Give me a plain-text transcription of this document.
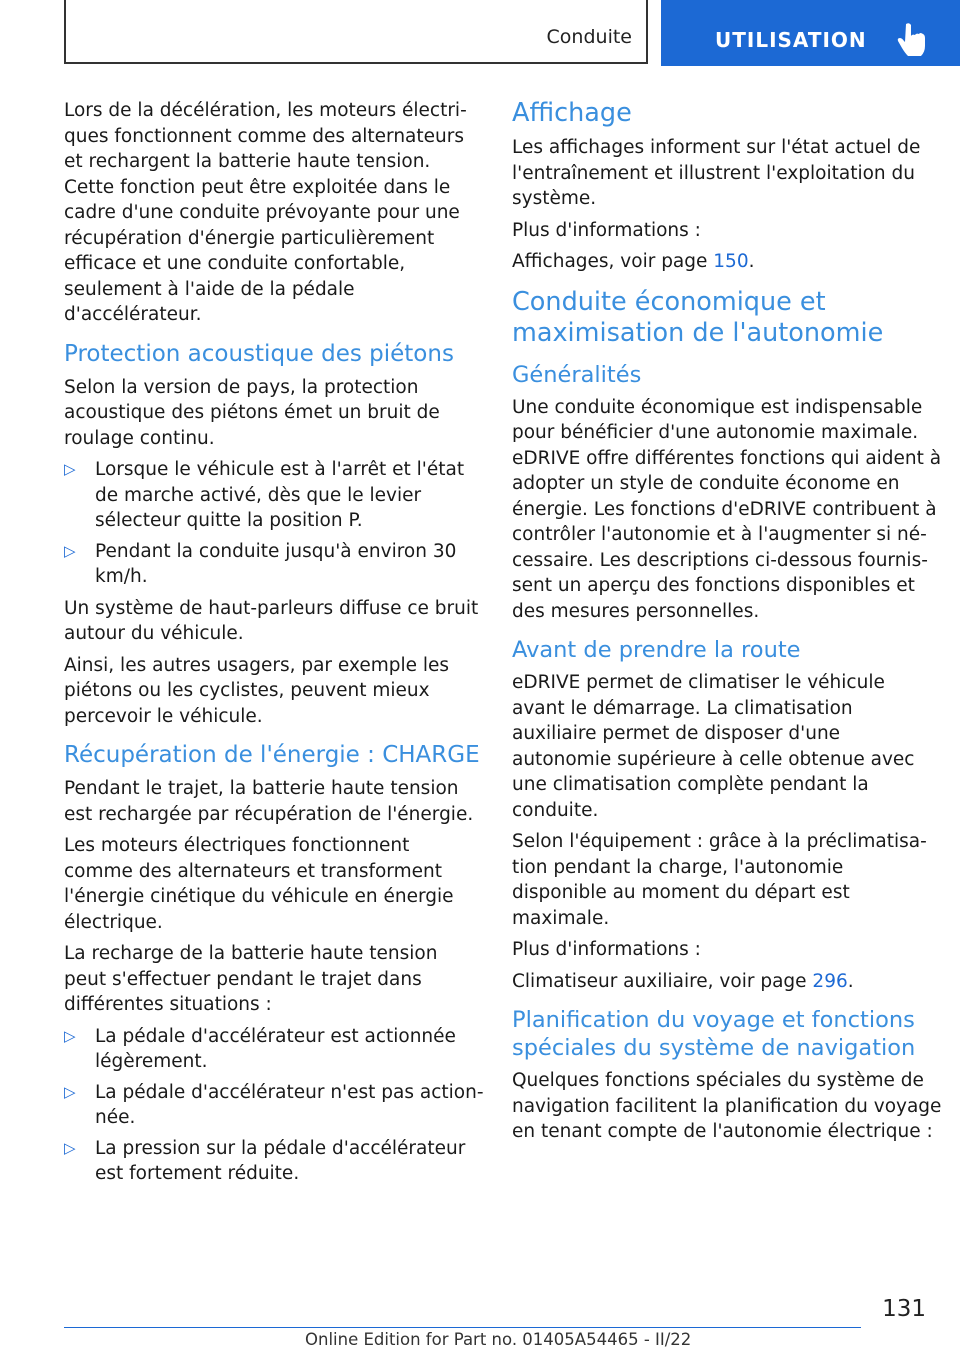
Conduite	UTILISATION

Lors de la décélération, les moteurs électriques fonctionnent comme des alternateurs et rechargent la batterie haute tension. Cette fonction peut être exploitée dans le cadre d'une conduite prévoyante pour une récupération d'énergie particulièrement efficace et une conduite confortable, seulement à l'aide de la pédale d'accélérateur.

Protection acoustique des piétons

Selon la version de pays, la protection acoustique des piétons émet un bruit de roulage continu.

▷ Lorsque le véhicule est à l'arrêt et l'état de marche activé, dès que le levier sélecteur quitte la position P.
▷ Pendant la conduite jusqu'à environ 30 km/h.

Un système de haut-parleurs diffuse ce bruit autour du véhicule.

Ainsi, les autres usagers, par exemple les piétons ou les cyclistes, peuvent mieux percevoir le véhicule.

Récupération de l'énergie : CHARGE

Pendant le trajet, la batterie haute tension est rechargée par récupération de l'énergie.

Les moteurs électriques fonctionnent comme des alternateurs et transforment l'énergie cinétique du véhicule en énergie électrique.

La recharge de la batterie haute tension peut s'effectuer pendant le trajet dans différentes situations :

▷ La pédale d'accélérateur est actionnée légèrement.
▷ La pédale d'accélérateur n'est pas actionnée.
▷ La pression sur la pédale d'accélérateur est fortement réduite.
Affichage

Les affichages informent sur l'état actuel de l'entraînement et illustrent l'exploitation du système.

Plus d'informations :

Affichages, voir page 150.

Conduite économique et maximisation de l'autonomie
Généralités

Une conduite économique est indispensable pour bénéficier d'une autonomie maximale. eDRIVE offre différentes fonctions qui aident à adopter un style de conduite économe en énergie. Les fonctions d'eDRIVE contribuent à contrôler l'autonomie et à l'augmenter si nécessaire. Les descriptions ci-dessous fournissent un aperçu des fonctions disponibles et des mesures personnelles.

Avant de prendre la route

eDRIVE permet de climatiser le véhicule avant le démarrage. La climatisation auxiliaire permet de disposer d'une autonomie supérieure à celle obtenue avec une climatisation complète pendant la conduite.

Selon l'équipement : grâce à la préclimatisation pendant la charge, l'autonomie disponible au moment du départ est maximale.

Plus d'informations :

Climatiseur auxiliaire, voir page 296.

Planification du voyage et fonctions spéciales du système de navigation

Quelques fonctions spéciales du système de navigation facilitent la planification du voyage en tenant compte de l'autonomie électrique :

131
Online Edition for Part no. 01405A54465 - II/22
